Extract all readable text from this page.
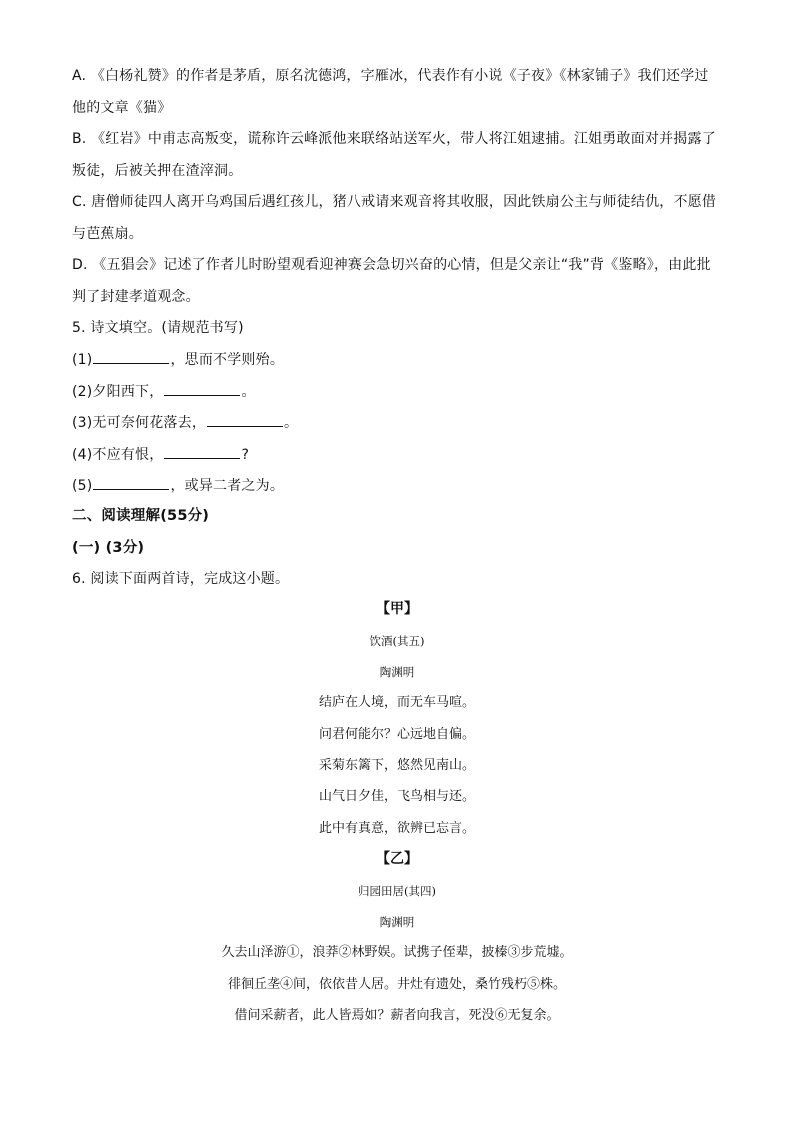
A. 《白杨礼赞》的作者是茅盾，原名沈德鸿，字雁冰，代表作有小说《子夜》《林家铺子》我们还学过
他的文章《猫》
B. 《红岩》中甫志高叛变，谎称许云峰派他来联络站送军火，带人将江姐逮捕。江姐勇敢面对并揭露了
叛徒，后被关押在渣滓洞。
C. 唐僧师徒四人离开乌鸡国后遇红孩儿，猪八戒请来观音将其收服，因此铁扇公主与师徒结仇，不愿借
与芭蕉扇。
D. 《五猖会》记述了作者儿时盼望观看迎神赛会急切兴奋的心情，但是父亲让“我”背《鉴略》，由此批
判了封建孝道观念。
5. 诗文填空。(请规范书写)
(1)	，思而不学则殆。
(2)夕阳西下，	。
(3)无可奈何花落去，	。
(4)不应有恨，	?
(5)	，或异二者之为。
二、阅读理解(55分)
(一) (3分)
6. 阅读下面两首诗，完成这小题。
【甲】
饮酒(其五)
陶渊明
结庐在人境，而无车马喧。
问君何能尔？心远地自偏。
采菊东篱下，悠然见南山。
山气日夕佳，飞鸟相与还。
此中有真意，欲辨已忘言。
【乙】
归园田居(其四)
陶渊明
久去山泽游①，浪莽②林野娱。试携子侄辈，披榛③步荒墟。
徘徊丘垄④间，依依昔人居。井灶有遗处，桑竹残朽⑤株。
借问采薪者，此人皆焉如？薪者向我言，死没⑥无复余。
